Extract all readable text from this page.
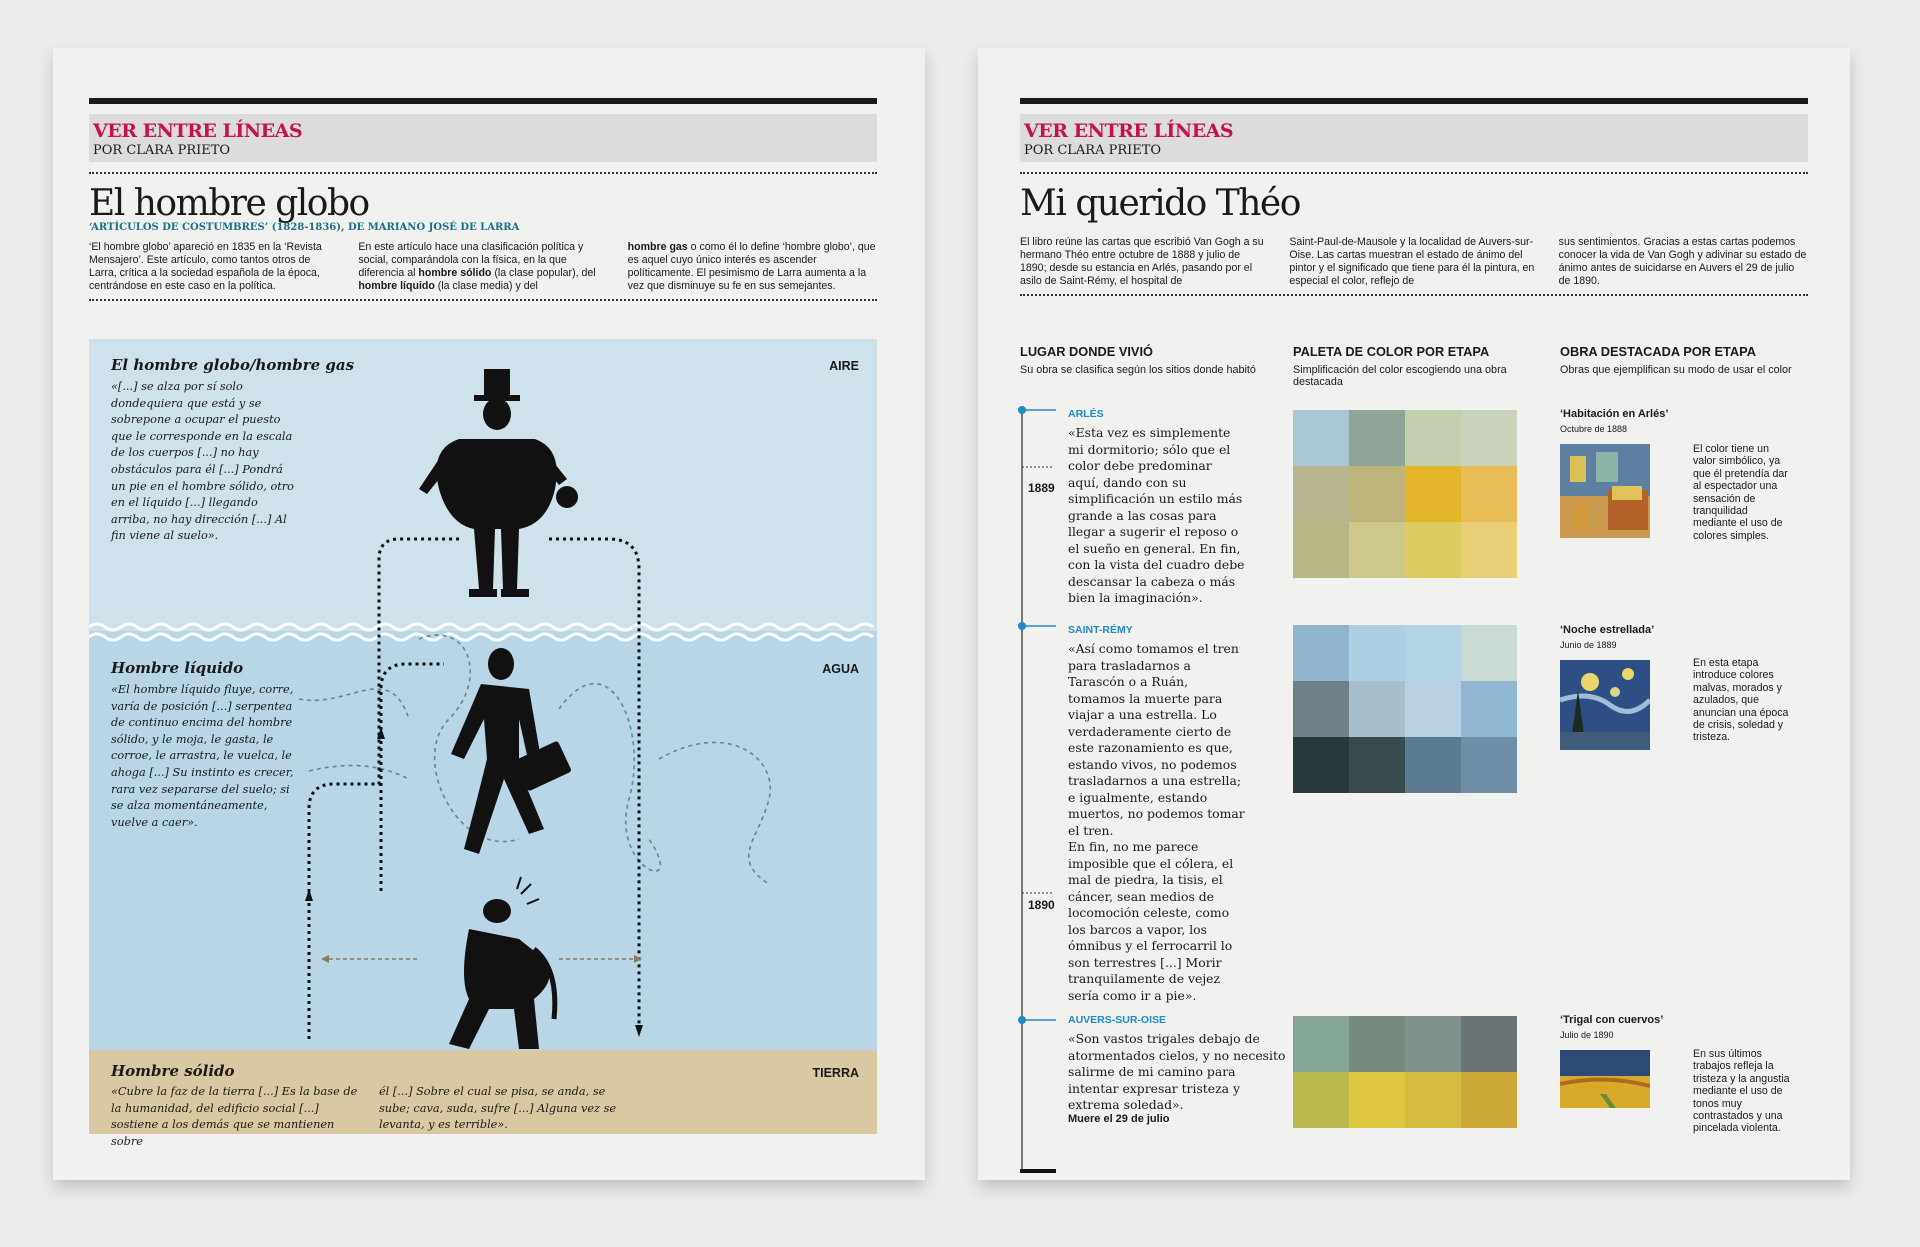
VER ENTRE LÍNEAS
POR CLARA PRIETO
El hombre globo
‘ARTÍCULOS DE COSTUMBRES’ (1828-1836), DE MARIANO JOSÉ DE LARRA

‘El hombre globo’ apareció en 1835 en la ‘Revista Mensajero’. Este artículo, como tantos otros de Larra, crítica a la sociedad española de la época, centrándose en este caso en la política.

En este artículo hace una clasificación política y social, comparándola con la física, en la que diferencia al hombre sólido (la clase popular), del hombre líquido (la clase media) y del

hombre gas o como él lo define ‘hombre globo’, que es aquel cuyo único interés es ascender políticamente. El pesimismo de Larra aumenta a la vez que disminuye su fe en sus semejantes.

El hombre globo/hombre gas
«[...] se alza por sí solo dondequiera que está y se sobrepone a ocupar el puesto que le corresponde en la escala de los cuerpos [...] no hay obstáculos para él [...] Pondrá un pie en el hombre sólido, otro en el líquido [...] llegando arriba, no hay dirección [...] Al fin viene al suelo».
AIRE
Hombre líquido
«El hombre líquido fluye, corre, varía de posición [...] serpentea de continuo encima del hombre sólido, y le moja, le gasta, le corroe, le arrastra, le vuelca, le ahoga [...] Su instinto es crecer, rara vez separarse del suelo; si se alza momentáneamente, vuelve a caer».
AGUA
Hombre sólido
«Cubre la faz de la tierra [...] Es la base de la humanidad, del edificio social [...] sostiene a los demás que se mantienen sobre
él [...] Sobre el cual se pisa, se anda, se sube; cava, suda, sufre [...] Alguna vez se levanta, y es terrible».
TIERRA
VER ENTRE LÍNEAS
POR CLARA PRIETO
Mi querido Théo

El libro reúne las cartas que escribió Van Gogh a su hermano Théo entre octubre de 1888 y julio de 1890; desde su estancia en Arlés, pasando por el asilo de Saint-Rémy, el hospital de

Saint-Paul-de-Mausole y la localidad de Auvers-sur-Oise. Las cartas muestran el estado de ánimo del pintor y el significado que tiene para él la pintura, en especial el color, reflejo de

sus sentimientos. Gracias a estas cartas podemos conocer la vida de Van Gogh y adivinar su estado de ánimo antes de suicidarse en Auvers el 29 de julio de 1890.

LUGAR DONDE VIVIÓ
Su obra se clasifica según los sitios donde habitó
PALETA DE COLOR POR ETAPA
Simplificación del color escogiendo una obra destacada
OBRA DESTACADA POR ETAPA
Obras que ejemplifican su modo de usar el color
1889
1890
Muere el 29 de julio
ARLÉS
«Esta vez es simplemente mi dormitorio; sólo que el color debe predominar aquí, dando con su simplificación un estilo más grande a las cosas para llegar a sugerir el reposo o el sueño en general. En fin, con la vista del cuadro debe descansar la cabeza o más bien la imaginación».
‘Habitación en Arlés’
Octubre de 1888
El color tiene un valor simbólico, ya que él pretendía dar al espectador una sensación de tranquilidad mediante el uso de colores simples.
SAINT-RÉMY
«Así como tomamos el tren para trasladarnos a Tarascón o a Ruán, tomamos la muerte para viajar a una estrella. Lo verdaderamente cierto de este razonamiento es que, estando vivos, no podemos trasladarnos a una estrella; e igualmente, estando muertos, no podemos tomar el tren.
En fin, no me parece imposible que el cólera, el mal de piedra, la tisis, el cáncer, sean medios de locomoción celeste, como los barcos a vapor, los ómnibus y el ferrocarril lo son terrestres [...] Morir tranquilamente de vejez sería como ir a pie».
‘Noche estrellada’
Junio de 1889
En esta etapa introduce colores malvas, morados y azulados, que anuncian una época de crisis, soledad y tristeza.
AUVERS-SUR-OISE
«Son vastos trigales debajo de atormentados cielos, y no necesito salirme de mi camino para intentar expresar tristeza y extrema soledad».
‘Trigal con cuervos’
Julio de 1890
En sus últimos trabajos refleja la tristeza y la angustia mediante el uso de tonos muy contrastados y una pincelada violenta.
